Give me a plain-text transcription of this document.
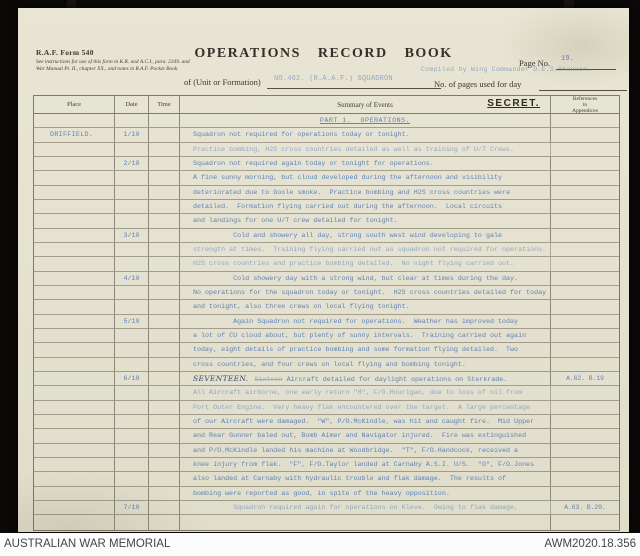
R.A.F. Form 540
See instructions for use of this form in K.R. and A.C.I., para. 2349. and War Manual Pt. II., chapter XX., and notes in R.A.F. Pocket Book.
OPERATIONS RECORD BOOK
of (Unit or Formation) NO.462. (R.A.A.F.) SQUADRON
Page No. 19.
Compiled by Wing Commander D.E.S.Shannon.
No. of pages used for day
Place	Date	Time	Summary of Events	SECRET.	References
to
Appendices
PART 1.  OPERATIONS.
DRIFFIELD.	1/10	Squadron not required for operations today or tonight.
Practice bombing, H2S cross countries detailed as well as training of U/T Crews.
2/10	Squadron not required again today or tonight for operations.
A fine sunny morning, but cloud developed during the afternoon and visibility
deteriorated due to Goole smoke.  Practice bombing and H2S cross countries were
detailed.  Formation flying carried out during the afternoon.  Local circuits
and landings for one U/T crew detailed for tonight.
3/10	Cold and showery all day, strong south west wind developing to gale
strength at times.  Training flying carried out as squadron not required for operations.
H2S cross countries and practice bombing detailed.  No night flying carried out.
4/10	Cold showery day with a strong wind, but clear at times during the day.
No operations for the squadron today or tonight.  H2S cross countries detailed for today
and tonight, also three crews on local flying tonight.
5/10	Again Squadron not required for operations.  Weather has improved today
a lot of CU cloud about, but plenty of sunny intervals.  Training carried out again
today, eight details of practice bombing and some formation flying detailed.  Two
cross countries, and four crews on local flying and bombing tonight.
6/10	SEVENTEEN. Sixteen Aircraft detailed for daylight operations on Sterkrade.	A.62. B.19
All Aircraft airborne, one early return "H", F/O.Hourigan, due to loss of oil from
Port Outer Engine.  Very heavy flak encountered over the target.  A large percentage
of our Aircraft were damaged.  "W", P/O.McKindle, was hit and caught fire.  Mid Upper
and Rear Gunner baled out, Bomb Aimer and Navigator injured.  Fire was extinguished
and P/O.McKindle landed his machine at Woodbridge.  "T", F/O.Handcock, received a
knee injury from flak.  "F", F/O.Taylor landed at Carnaby A.S.I. U/S.  "G", F/O.Jones
also landed at Carnaby with hydraulic trouble and flak damage.  The results of
bombing were reported as good, in spite of the heavy opposition.
7/10	Squadron required again for operations on Kleve.  Owing to flak damage,	A.63. B.20.
AUSTRALIAN WAR MEMORIAL	AWM2020.18.356
